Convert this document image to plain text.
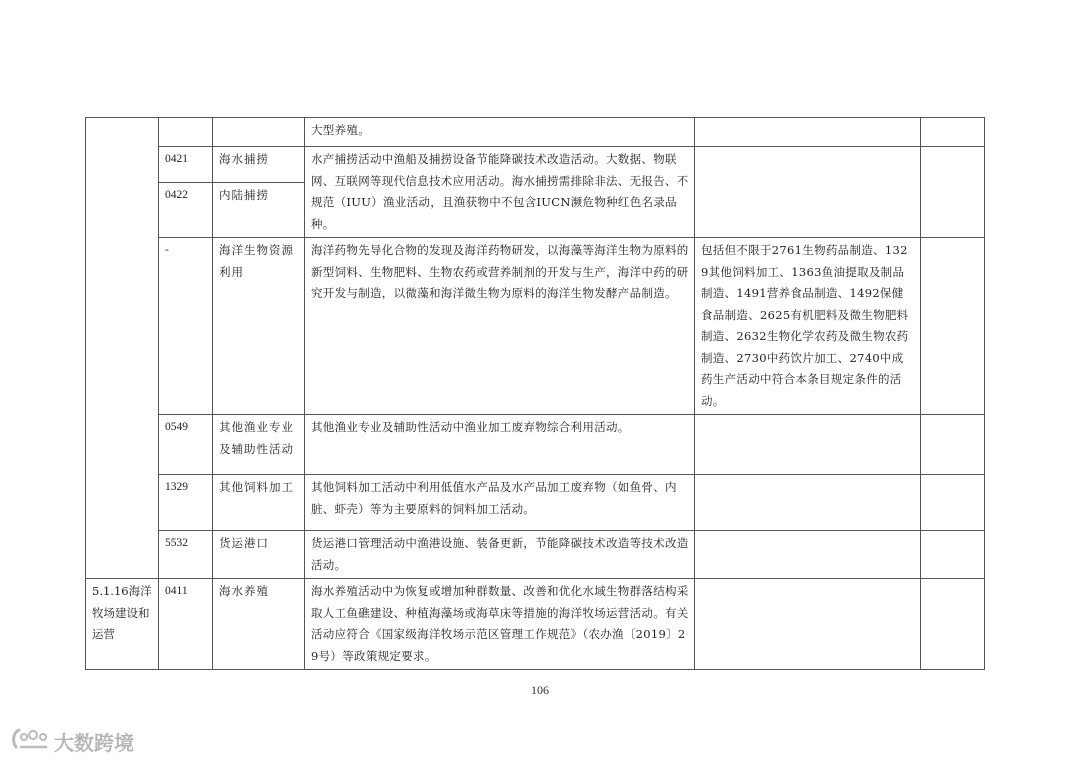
			大型养殖。		
	0421	海水捕捞	水产捕捞活动中渔船及捕捞设备节能降碳技术改造活动。大数据、物联网、互联网等现代信息技术应用活动。海水捕捞需排除非法、无报告、不规范（IUU）渔业活动，且渔获物中不包含IUCN濒危物种红色名录品种。		
	0422	内陆捕捞			
	-	海洋生物资源利用	海洋药物先导化合物的发现及海洋药物研发，以海藻等海洋生物为原料的新型饲料、生物肥料、生物农药或营养制剂的开发与生产，海洋中药的研究开发与制造，以微藻和海洋微生物为原料的海洋生物发酵产品制造。	包括但不限于2761生物药品制造、1329其他饲料加工、1363鱼油提取及制品制造、1491营养食品制造、1492保健食品制造、2625有机肥料及微生物肥料制造、2632生物化学农药及微生物农药制造、2730中药饮片加工、2740中成药生产活动中符合本条目规定条件的活动。	
	0549	其他渔业专业及辅助性活动	其他渔业专业及辅助性活动中渔业加工废弃物综合利用活动。		
	1329	其他饲料加工	其他饲料加工活动中利用低值水产品及水产品加工废弃物（如鱼骨、内脏、虾壳）等为主要原料的饲料加工活动。		
	5532	货运港口	货运港口管理活动中渔港设施、装备更新，节能降碳技术改造等技术改造活动。		
5.1.16海洋牧场建设和运营	0411	海水养殖	海水养殖活动中为恢复或增加种群数量、改善和优化水域生物群落结构采取人工鱼礁建设、种植海藻场或海草床等措施的海洋牧场运营活动。有关活动应符合《国家级海洋牧场示范区管理工作规范》（农办渔〔2019〕29号）等政策规定要求。		
106
大数跨境
